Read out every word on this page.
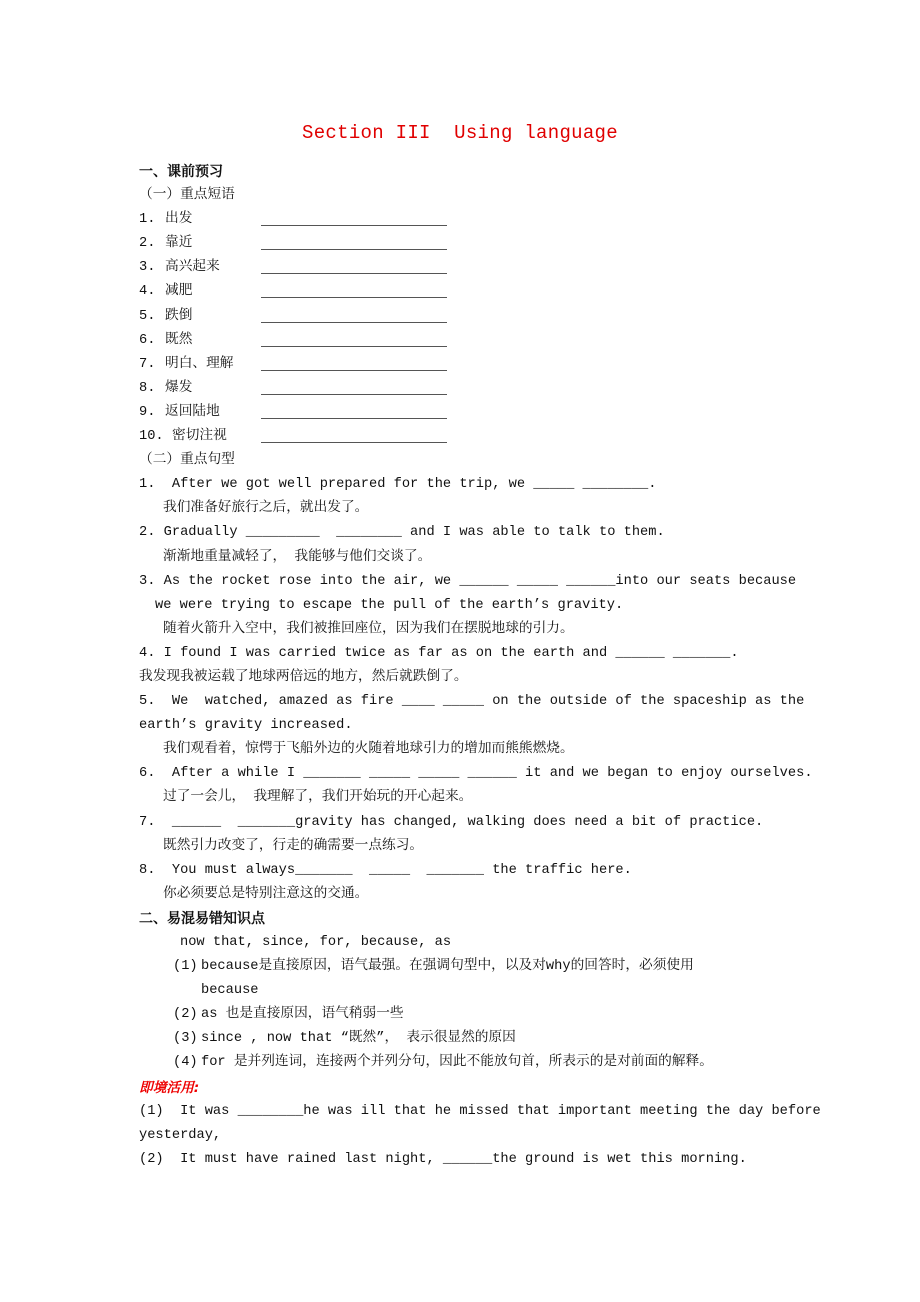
Section III  Using language
一、课前预习
（一）重点短语
1. 出发
2. 靠近
3. 高兴起来
4. 减肥
5. 跌倒
6. 既然
7. 明白、理解
8. 爆发
9. 返回陆地
10. 密切注视
（二）重点句型
1.  After we got well prepared for the trip, we _____ ________.
我们准备好旅行之后，就出发了。
2. Gradually _________  ________ and I was able to talk to them.
渐渐地重量减轻了， 我能够与他们交谈了。
3. As the rocket rose into the air, we ______ _____ ______into our seats because
we were trying to escape the pull of the earth’s gravity.
随着火箭升入空中，我们被推回座位，因为我们在摆脱地球的引力。
4. I found I was carried twice as far as on the earth and ______ _______.
我发现我被运载了地球两倍远的地方，然后就跌倒了。
5.  We  watched, amazed as fire ____ _____ on the outside of the spaceship as the
earth’s gravity increased.
我们观看着，惊愕于飞船外边的火随着地球引力的增加而熊熊燃烧。
6.  After a while I _______ _____ _____ ______ it and we began to enjoy ourselves.
过了一会儿， 我理解了，我们开始玩的开心起来。
7.  ______  _______gravity has changed, walking does need a bit of practice.
既然引力改变了，行走的确需要一点练习。
8.  You must always_______  _____  _______ the traffic here.
你必须要总是特别注意这的交通。
二、易混易错知识点
now that, since, for, because, as
(1) because是直接原因，语气最强。在强调句型中，以及对why的回答时，必须使用
because
(2) as 也是直接原因，语气稍弱一些
(3) since , now that “既然”， 表示很显然的原因
(4) for 是并列连词，连接两个并列分句，因此不能放句首，所表示的是对前面的解释。
即境活用:
(1)  It was ________he was ill that he missed that important meeting the day before
yesterday,
(2)  It must have rained last night, ______the ground is wet this morning.
